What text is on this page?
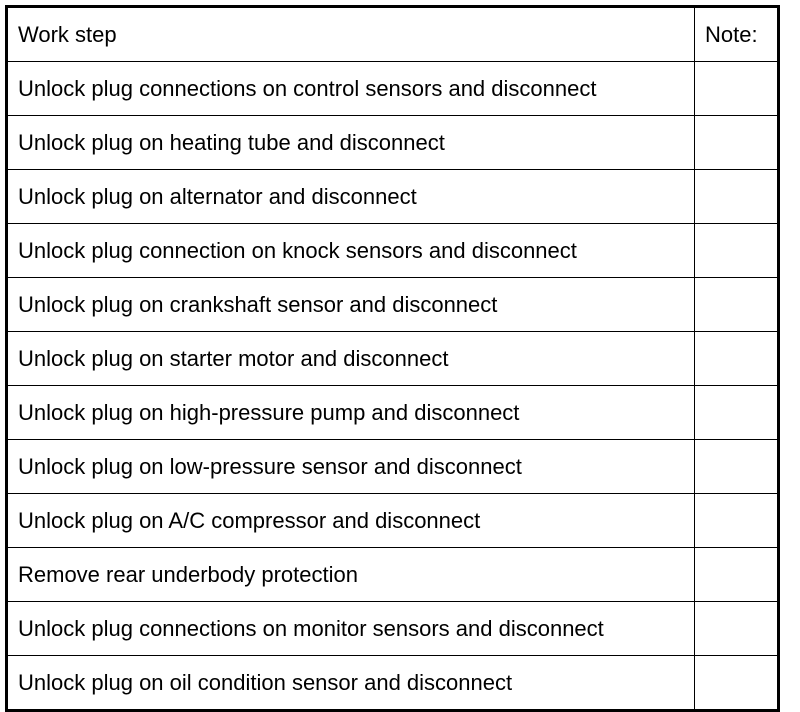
Work step	Note:
Unlock plug connections on control sensors and disconnect	
Unlock plug on heating tube and disconnect	
Unlock plug on alternator and disconnect	
Unlock plug connection on knock sensors and disconnect	
Unlock plug on crankshaft sensor and disconnect	
Unlock plug on starter motor and disconnect	
Unlock plug on high-pressure pump and disconnect	
Unlock plug on low-pressure sensor and disconnect	
Unlock plug on A/C compressor and disconnect	
Remove rear underbody protection	
Unlock plug connections on monitor sensors and disconnect	
Unlock plug on oil condition sensor and disconnect	
